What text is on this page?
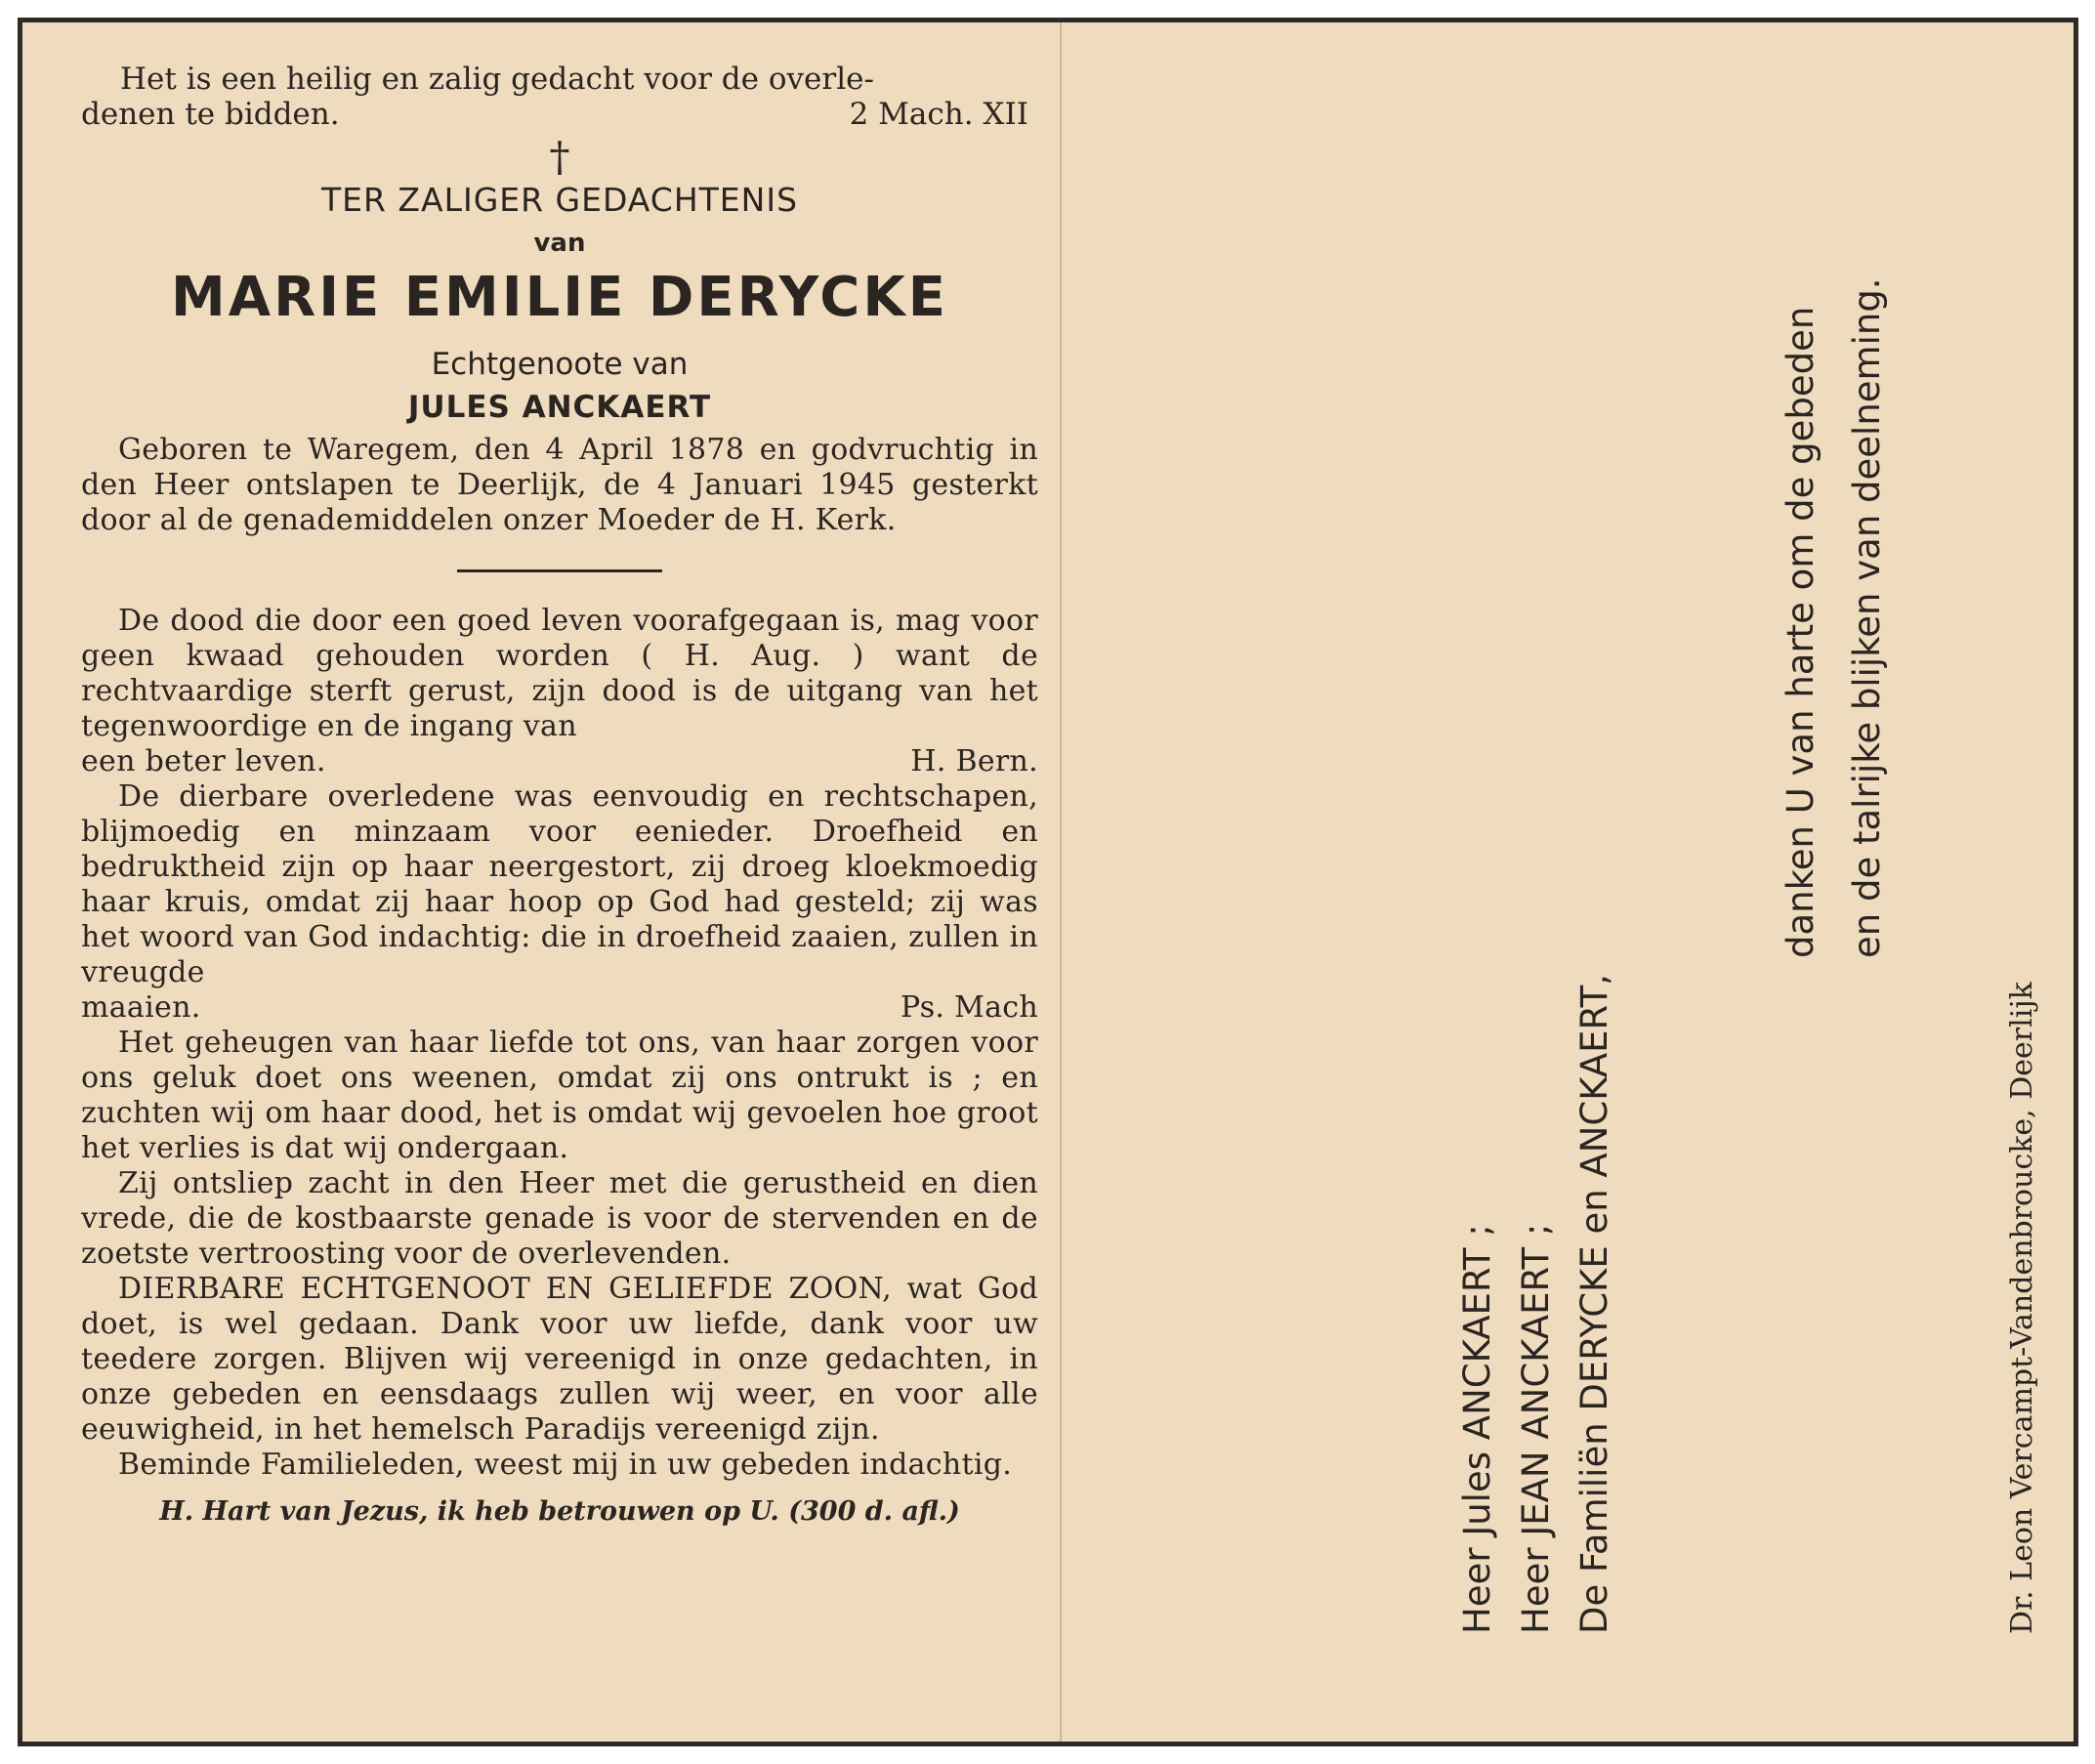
Het is een heilig en zalig gedacht voor de overle-
denen te bidden.	2 Mach. XII
†
TER ZALIGER GEDACHTENIS
van
MARIE EMILIE DERYCKE
Echtgenoote van
JULES ANCKAERT

Geboren te Waregem, den 4 April 1878 en godvruchtig in den Heer ontslapen te Deerlijk, de 4 Januari 1945 gesterkt door al de genademiddelen onzer Moeder de H. Kerk.

De dood die door een goed leven voorafgegaan is, mag voor geen kwaad gehouden worden ( H. Aug. ) want de rechtvaardige sterft gerust, zijn dood is de uitgang van het tegenwoordige en de ingang van

een beter leven.	H. Bern.

De dierbare overledene was eenvoudig en rechtschapen, blijmoedig en minzaam voor eenieder. Droefheid en bedruktheid zijn op haar neergestort, zij droeg kloekmoedig haar kruis, omdat zij haar hoop op God had gesteld; zij was het woord van God indachtig: die in droefheid zaaien, zullen in vreugde

maaien.	Ps. Mach

Het geheugen van haar liefde tot ons, van haar zorgen voor ons geluk doet ons weenen, omdat zij ons ontrukt is ; en zuchten wij om haar dood, het is omdat wij gevoelen hoe groot het verlies is dat wij ondergaan.

Zij ontsliep zacht in den Heer met die gerustheid en dien vrede, die de kostbaarste genade is voor de stervenden en de zoetste vertroosting voor de overlevenden.

DIERBARE ECHTGENOOT EN GELIEFDE ZOON, wat God doet, is wel gedaan. Dank voor uw liefde, dank voor uw teedere zorgen. Blijven wij vereenigd in onze gedachten, in onze gebeden en eensdaags zullen wij weer, en voor alle eeuwigheid, in het hemelsch Paradijs vereenigd zijn.

Beminde Familieleden, weest mij in uw gebeden indachtig.

H. Hart van Jezus, ik heb betrouwen op U. (300 d. afl.)	Heer Jules ANCKAERT ; Heer JEAN ANCKAERT ; De Familiën DERYCKE en ANCKAERT,
danken U van harte om de gebeden en de talrijke blijken van deelneming.
Dr. Leon Vercampt-Vandenbroucke, Deerlijk
